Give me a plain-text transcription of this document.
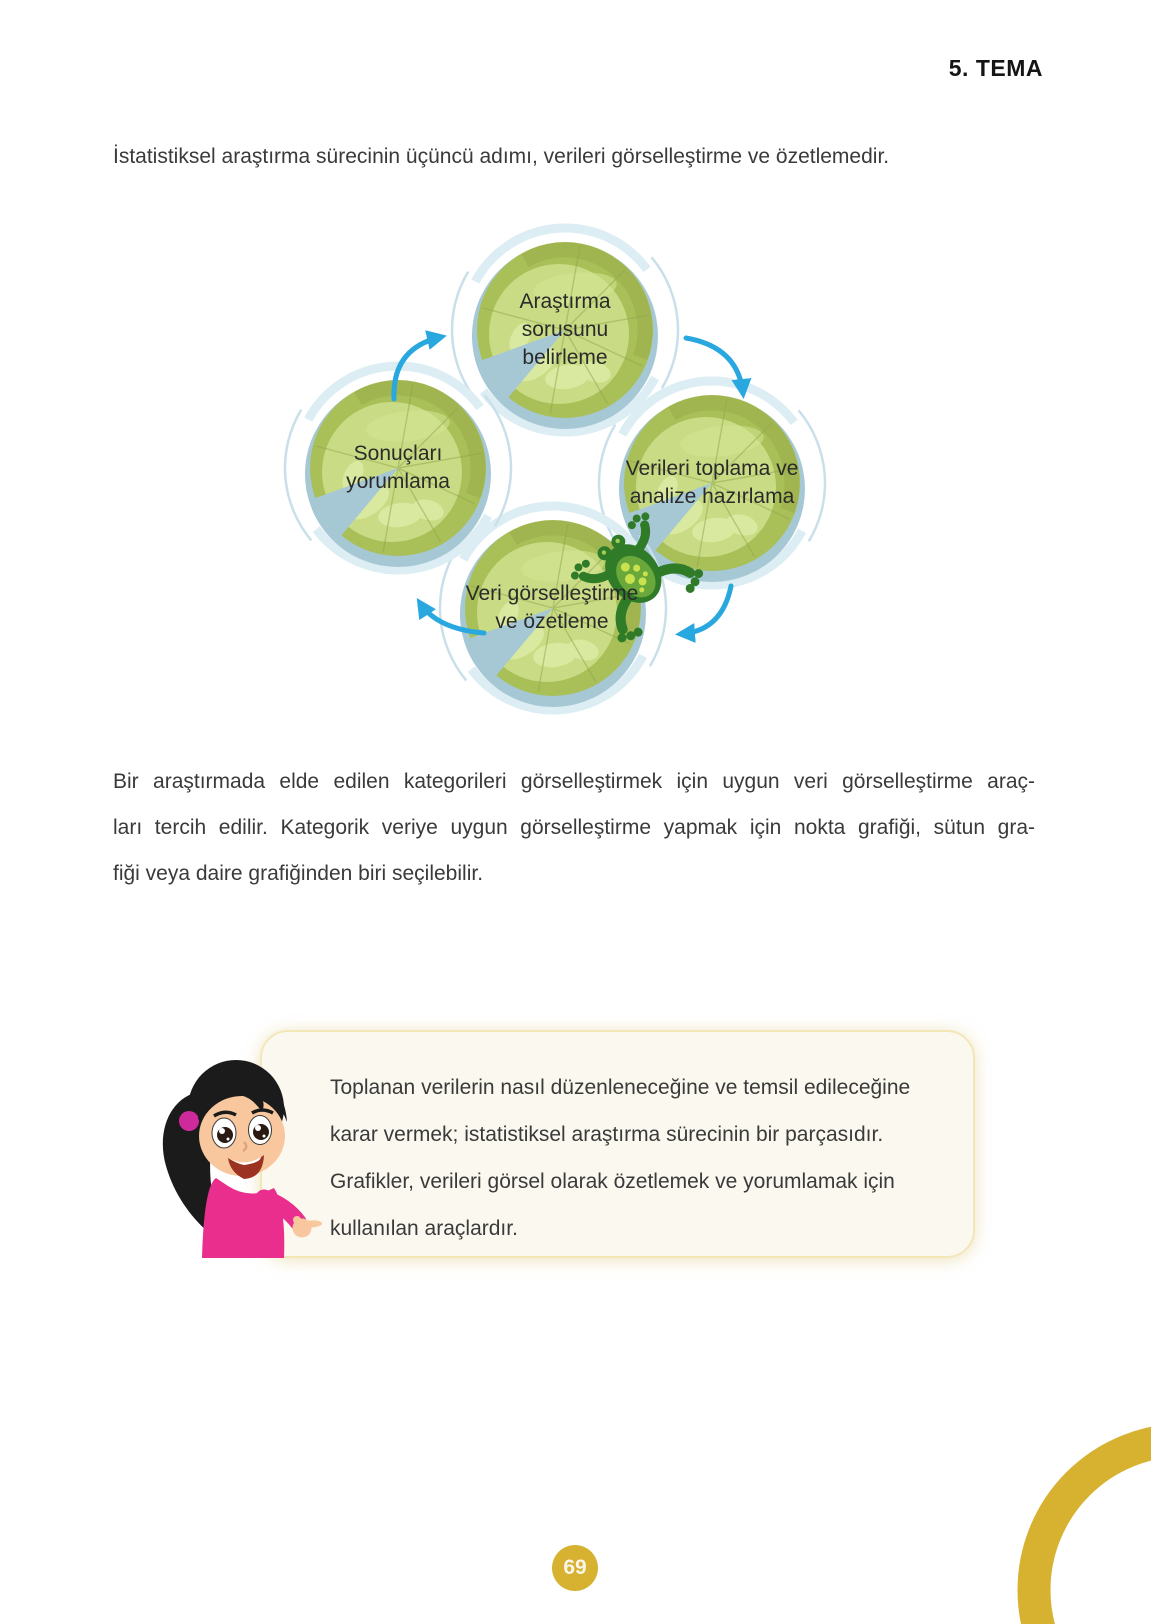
5. TEMA
İstatistiksel araştırma sürecinin üçüncü adımı, verileri görselleştirme ve özetlemedir.
Araştırma sorusunu belirleme
Verileri toplama ve analize hazırlama
Veri görselleştirme ve özetleme
Sonuçları yorumlama
Bir araştırmada elde edilen kategorileri görselleştirmek için uygun veri görselleştirme araç-
ları tercih edilir. Kategorik veriye uygun görselleştirme yapmak için nokta grafiği, sütun gra-
fiği veya daire grafiğinden biri seçilebilir.
Toplanan verilerin nasıl düzenleneceğine ve temsil edileceğine
karar vermek; istatistiksel araştırma sürecinin bir parçasıdır.
Grafikler, verileri görsel olarak özetlemek ve yorumlamak için
kullanılan araçlardır.
69
